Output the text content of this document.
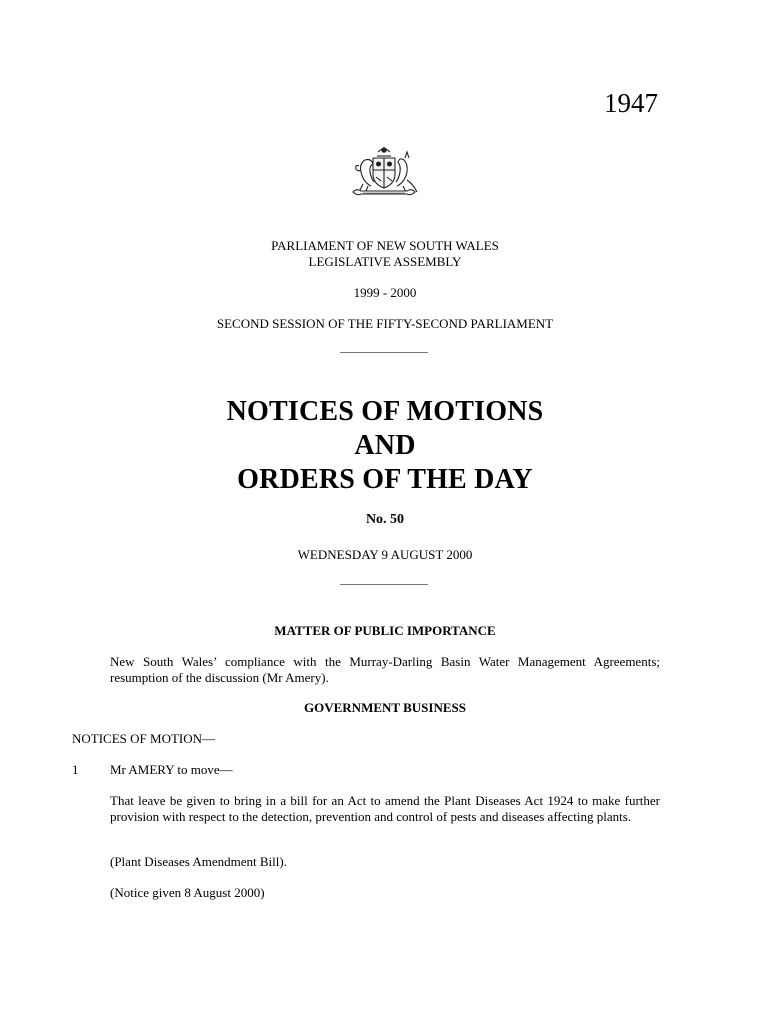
1947
PARLIAMENT OF NEW SOUTH WALES
LEGISLATIVE ASSEMBLY
1999 - 2000
SECOND SESSION OF THE FIFTY-SECOND PARLIAMENT
NOTICES OF MOTIONS
AND
ORDERS OF THE DAY
No. 50
WEDNESDAY 9 AUGUST 2000
MATTER OF PUBLIC IMPORTANCE
New South Wales’ compliance with the Murray-Darling Basin Water Management Agreements; resumption of the discussion (Mr Amery).
GOVERNMENT BUSINESS
NOTICES OF MOTION—
1	Mr AMERY to move—
That leave be given to bring in a bill for an Act to amend the Plant Diseases Act 1924 to make further provision with respect to the detection, prevention and control of pests and diseases affecting plants.
(Plant Diseases Amendment Bill).
(Notice given 8 August 2000)
